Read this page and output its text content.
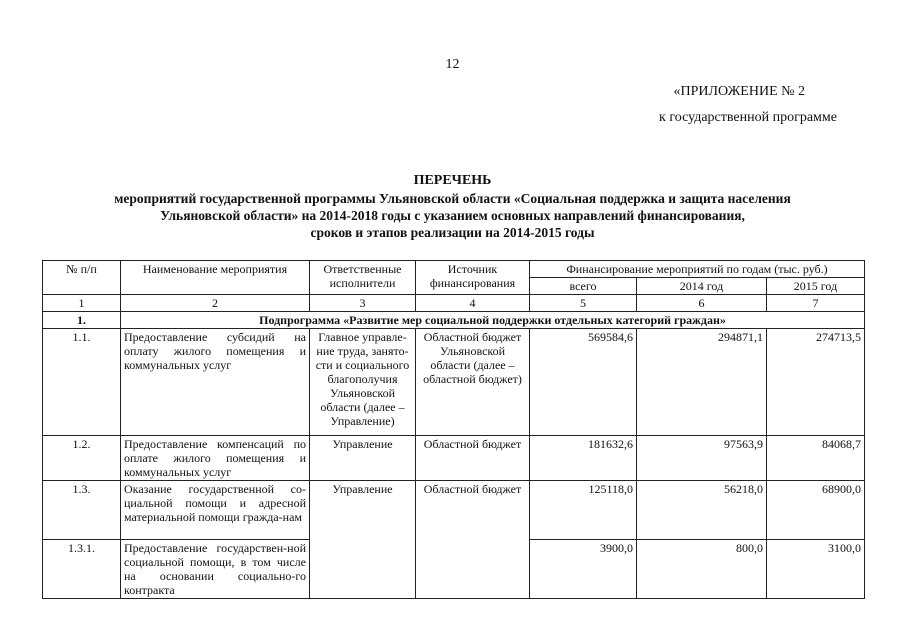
12
«ПРИЛОЖЕНИЕ № 2
к государственной программе
ПЕРЕЧЕНЬ
мероприятий государственной программы Ульяновской области «Социальная поддержка и защита населения
Ульяновской области» на 2014-2018 годы с указанием основных направлений финансирования,
сроков и этапов реализации на 2014-2015 годы
№ п/п	Наименование мероприятия	Ответственные исполнители	Источник финансирования	Финансирование мероприятий по годам (тыс. руб.)		
				всего	2014 год	2015 год
1	2	3	4	5	6	7
1.	Подпрограмма «Развитие мер социальной поддержки отдельных категорий граждан»					
1.1.	Предоставление субсидий на оплату жилого помещения и коммунальных услуг	Главное управле-ние труда, занято-сти и социального благополучия Ульяновской области (далее – Управление)	Областной бюджет Ульяновской области (далее – областной бюджет)	569584,6	294871,1	274713,5
1.2.	Предоставление компенсаций по оплате жилого помещения и коммунальных услуг	Управление	Областной бюджет	181632,6	97563,9	84068,7
1.3.	Оказание государственной со-циальной помощи и адресной материальной помощи гражда-нам	Управление	Областной бюджет	125118,0	56218,0	68900,0
1.3.1.	Предоставление государствен-ной социальной помощи, в том числе на основании социально-го контракта			3900,0	800,0	3100,0
